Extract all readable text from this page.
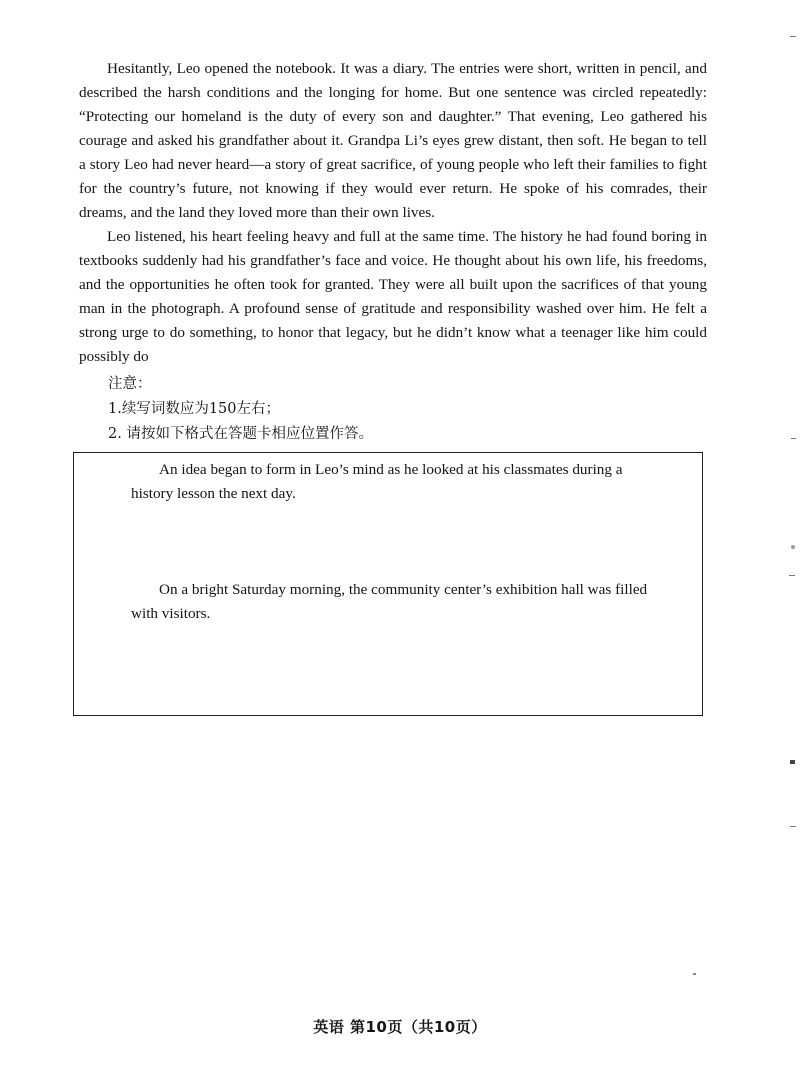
Hesitantly, Leo opened the notebook. It was a diary. The entries were short, written in pencil, and described the harsh conditions and the longing for home. But one sentence was circled repeatedly: “Protecting our homeland is the duty of every son and daughter.” That evening, Leo gathered his courage and asked his grandfather about it. Grandpa Li’s eyes grew distant, then soft. He began to tell a story Leo had never heard—a story of great sacrifice, of young people who left their families to fight for the country’s future, not knowing if they would ever return. He spoke of his comrades, their dreams, and the land they loved more than their own lives.

Leo listened, his heart feeling heavy and full at the same time. The history he had found boring in textbooks suddenly had his grandfather’s face and voice. He thought about his own life, his freedoms, and the opportunities he often took for granted. They were all built upon the sacrifices of that young man in the photograph. A profound sense of gratitude and responsibility washed over him. He felt a strong urge to do something, to honor that legacy, but he didn’t know what a teenager like him could possibly do

注意：
1.续写词数应为150左右；
2. 请按如下格式在答题卡相应位置作答。

An idea began to form in Leo’s mind as he looked at his classmates during a history lesson the next day.

On a bright Saturday morning, the community center’s exhibition hall was filled with visitors.

英语 第10页（共10页）
